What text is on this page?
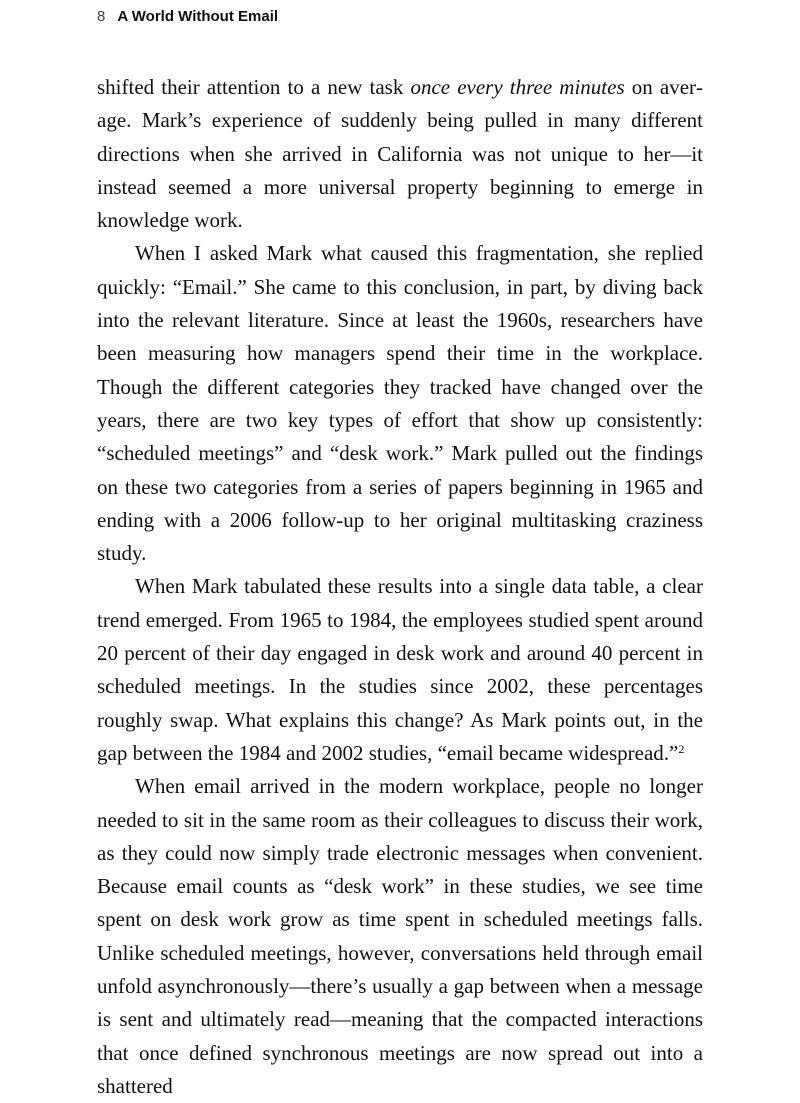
8 A World Without Email

shifted their attention to a new task once every three minutes on average. Mark’s experience of suddenly being pulled in many different directions when she arrived in California was not unique to her—it instead seemed a more universal property beginning to emerge in knowledge work.

When I asked Mark what caused this fragmentation, she replied quickly: “Email.” She came to this conclusion, in part, by diving back into the relevant literature. Since at least the 1960s, researchers have been measuring how managers spend their time in the workplace. Though the different categories they tracked have changed over the years, there are two key types of effort that show up consistently: “scheduled meetings” and “desk work.” Mark pulled out the findings on these two categories from a series of papers beginning in 1965 and ending with a 2006 follow-up to her original multitasking craziness study.

When Mark tabulated these results into a single data table, a clear trend emerged. From 1965 to 1984, the employees studied spent around 20 percent of their day engaged in desk work and around 40 percent in scheduled meetings. In the studies since 2002, these percentages roughly swap. What explains this change? As Mark points out, in the gap between the 1984 and 2002 studies, “email became widespread.”$^2$

When email arrived in the modern workplace, people no longer needed to sit in the same room as their colleagues to discuss their work, as they could now simply trade electronic messages when convenient. Because email counts as “desk work” in these studies, we see time spent on desk work grow as time spent in scheduled meetings falls. Unlike scheduled meetings, however, conversations held through email unfold asynchronously—there’s usually a gap between when a message is sent and ultimately read—meaning that the compacted interactions that once defined synchronous meetings are now spread out into a shattered
